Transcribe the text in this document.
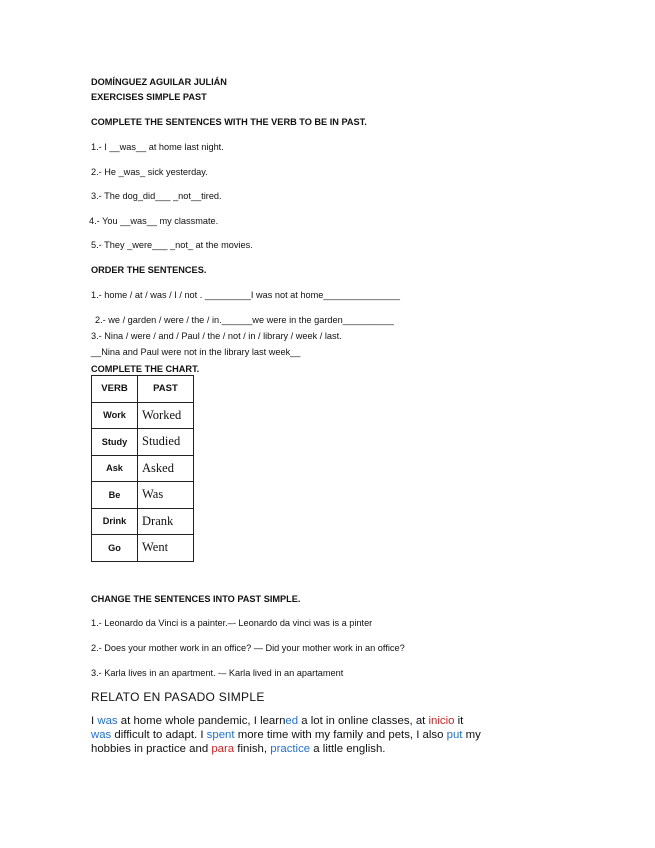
DOMÍNGUEZ AGUILAR JULIÁN
EXERCISES SIMPLE PAST
COMPLETE THE SENTENCES WITH THE VERB TO BE IN PAST.
1.- I __was__ at home last night.
2.- He _was_ sick yesterday.
3.- The dog_did___ _not__tired.
4.- You __was__ my classmate.
5.- They _were___ _not_ at the movies.
ORDER THE SENTENCES.
1.- home / at / was / I / not . _________I was not at home_______________
2.- we / garden / were / the / in.______we were in the garden__________
3.- Nina / were / and / Paul / the / not / in / library / week / last.
__Nina and Paul were not in the library last week__
COMPLETE THE CHART.
VERB	PAST
Work	Worked
Study	Studied
Ask	Asked
Be	Was
Drink	Drank
Go	Went
CHANGE THE SENTENCES INTO PAST SIMPLE.
1.- Leonardo da Vinci is a painter.–- Leonardo da vinci was is a pinter
2.- Does your mother work in an office? — Did your mother work in an office?
3.- Karla lives in an apartment. -– Karla lived in an apartament
RELATO EN PASADO SIMPLE
I was at home whole pandemic, I learned a lot in online classes, at inicio it was difficult to adapt. I spent more time with my family and pets, I also put my hobbies in practice and para finish, practice a little english.
